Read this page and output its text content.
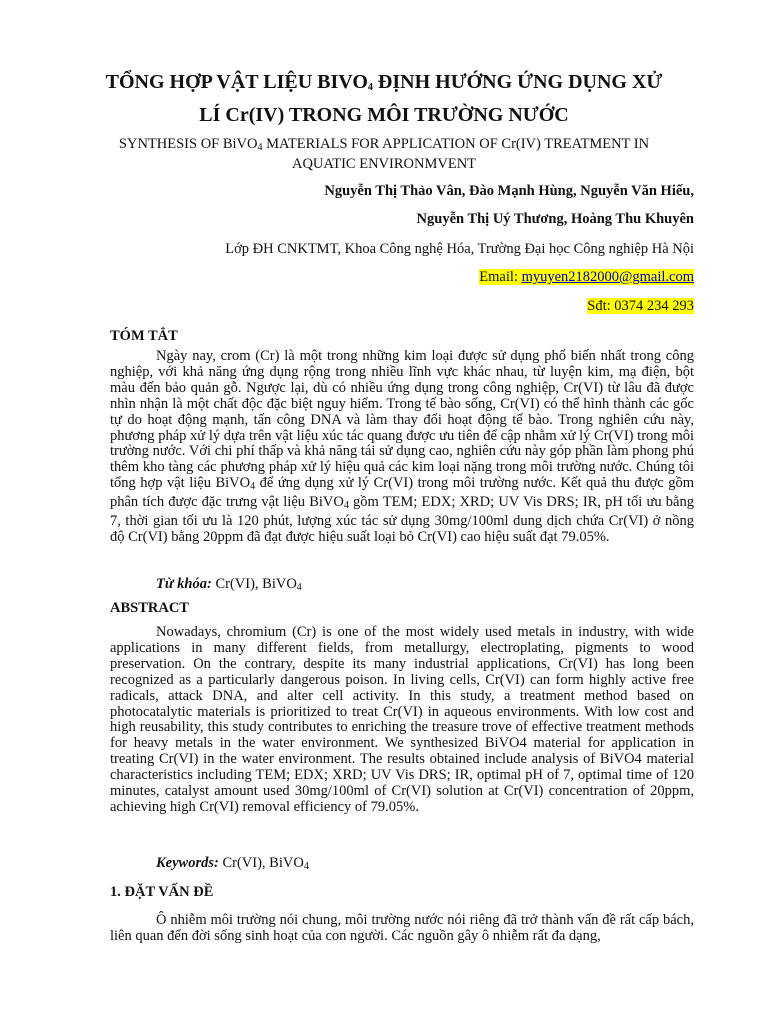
TỔNG HỢP VẬT LIỆU $BIVO_4$ ĐỊNH HƯỚNG ỨNG DỤNG XỬ
LÍ Cr(IV) TRONG MÔI TRƯỜNG NƯỚC
SYNTHESIS OF BiVO$_4$ MATERIALS FOR APPLICATION OF Cr(IV) TREATMENT IN AQUATIC ENVIRONMVENT
Nguyễn Thị Thảo Vân, Đào Mạnh Hùng, Nguyễn Văn Hiếu,
Nguyễn Thị Uý Thương, Hoàng Thu Khuyên
Lớp ĐH CNKTMT, Khoa Công nghệ Hóa, Trường Đại học Công nghiệp Hà Nội
Email: myuyen2182000@gmail.com
Sđt: 0374 234 293
TÓM TẮT

Ngày nay, crom (Cr) là một trong những kim loại được sử dụng phổ biến nhất trong công nghiệp, với khả năng ứng dụng rộng trong nhiều lĩnh vực khác nhau, từ luyện kim, mạ điện, bột màu đến bảo quản gỗ. Ngược lại, dù có nhiều ứng dụng trong công nghiệp, Cr(VI) từ lâu đã được nhìn nhận là một chất độc đặc biệt nguy hiểm. Trong tế bào sống, Cr(VI) có thể hình thành các gốc tự do hoạt động mạnh, tấn công DNA và làm thay đổi hoạt động tế bào. Trong nghiên cứu này, phương pháp xử lý dựa trên vật liệu xúc tác quang được ưu tiên để cập nhằm xử lý Cr(VI) trong môi trường nước. Với chi phí thấp và khả năng tái sử dụng cao, nghiên cứu này góp phần làm phong phú thêm kho tàng các phương pháp xử lý hiệu quả các kim loại nặng trong môi trường nước. Chúng tôi tổng hợp vật liệu BiVO$_4$ để ứng dụng xử lý Cr(VI) trong môi trường nước. Kết quả thu được gồm phân tích được đặc trưng vật liệu BiVO$_4$ gồm TEM; EDX; XRD; UV Vis DRS; IR, pH tối ưu bằng 7, thời gian tối ưu là 120 phút, lượng xúc tác sử dụng 30mg/100ml dung dịch chứa Cr(VI) ở nồng độ Cr(VI) bằng 20ppm đã đạt được hiệu suất loại bỏ Cr(VI) cao hiệu suất đạt 79.05%.

Từ khóa: Cr(VI), BiVO$_4$
ABSTRACT

Nowadays, chromium (Cr) is one of the most widely used metals in industry, with wide applications in many different fields, from metallurgy, electroplating, pigments to wood preservation. On the contrary, despite its many industrial applications, Cr(VI) has long been recognized as a particularly dangerous poison. In living cells, Cr(VI) can form highly active free radicals, attack DNA, and alter cell activity. In this study, a treatment method based on photocatalytic materials is prioritized to treat Cr(VI) in aqueous environments. With low cost and high reusability, this study contributes to enriching the treasure trove of effective treatment methods for heavy metals in the water environment. We synthesized BiVO4 material for application in treating Cr(VI) in the water environment. The results obtained include analysis of BiVO4 material characteristics including TEM; EDX; XRD; UV Vis DRS; IR, optimal pH of 7, optimal time of 120 minutes, catalyst amount used 30mg/100ml of Cr(VI) solution at Cr(VI) concentration of 20ppm, achieving high Cr(VI) removal efficiency of 79.05%.

Keywords: Cr(VI), BiVO$_4$
1. ĐẶT VẤN ĐỀ

Ô nhiễm môi trường nói chung, môi trường nước nói riêng đã trở thành vấn đề rất cấp bách, liên quan đến đời sống sinh hoạt của con người. Các nguồn gây ô nhiễm rất đa dạng,
